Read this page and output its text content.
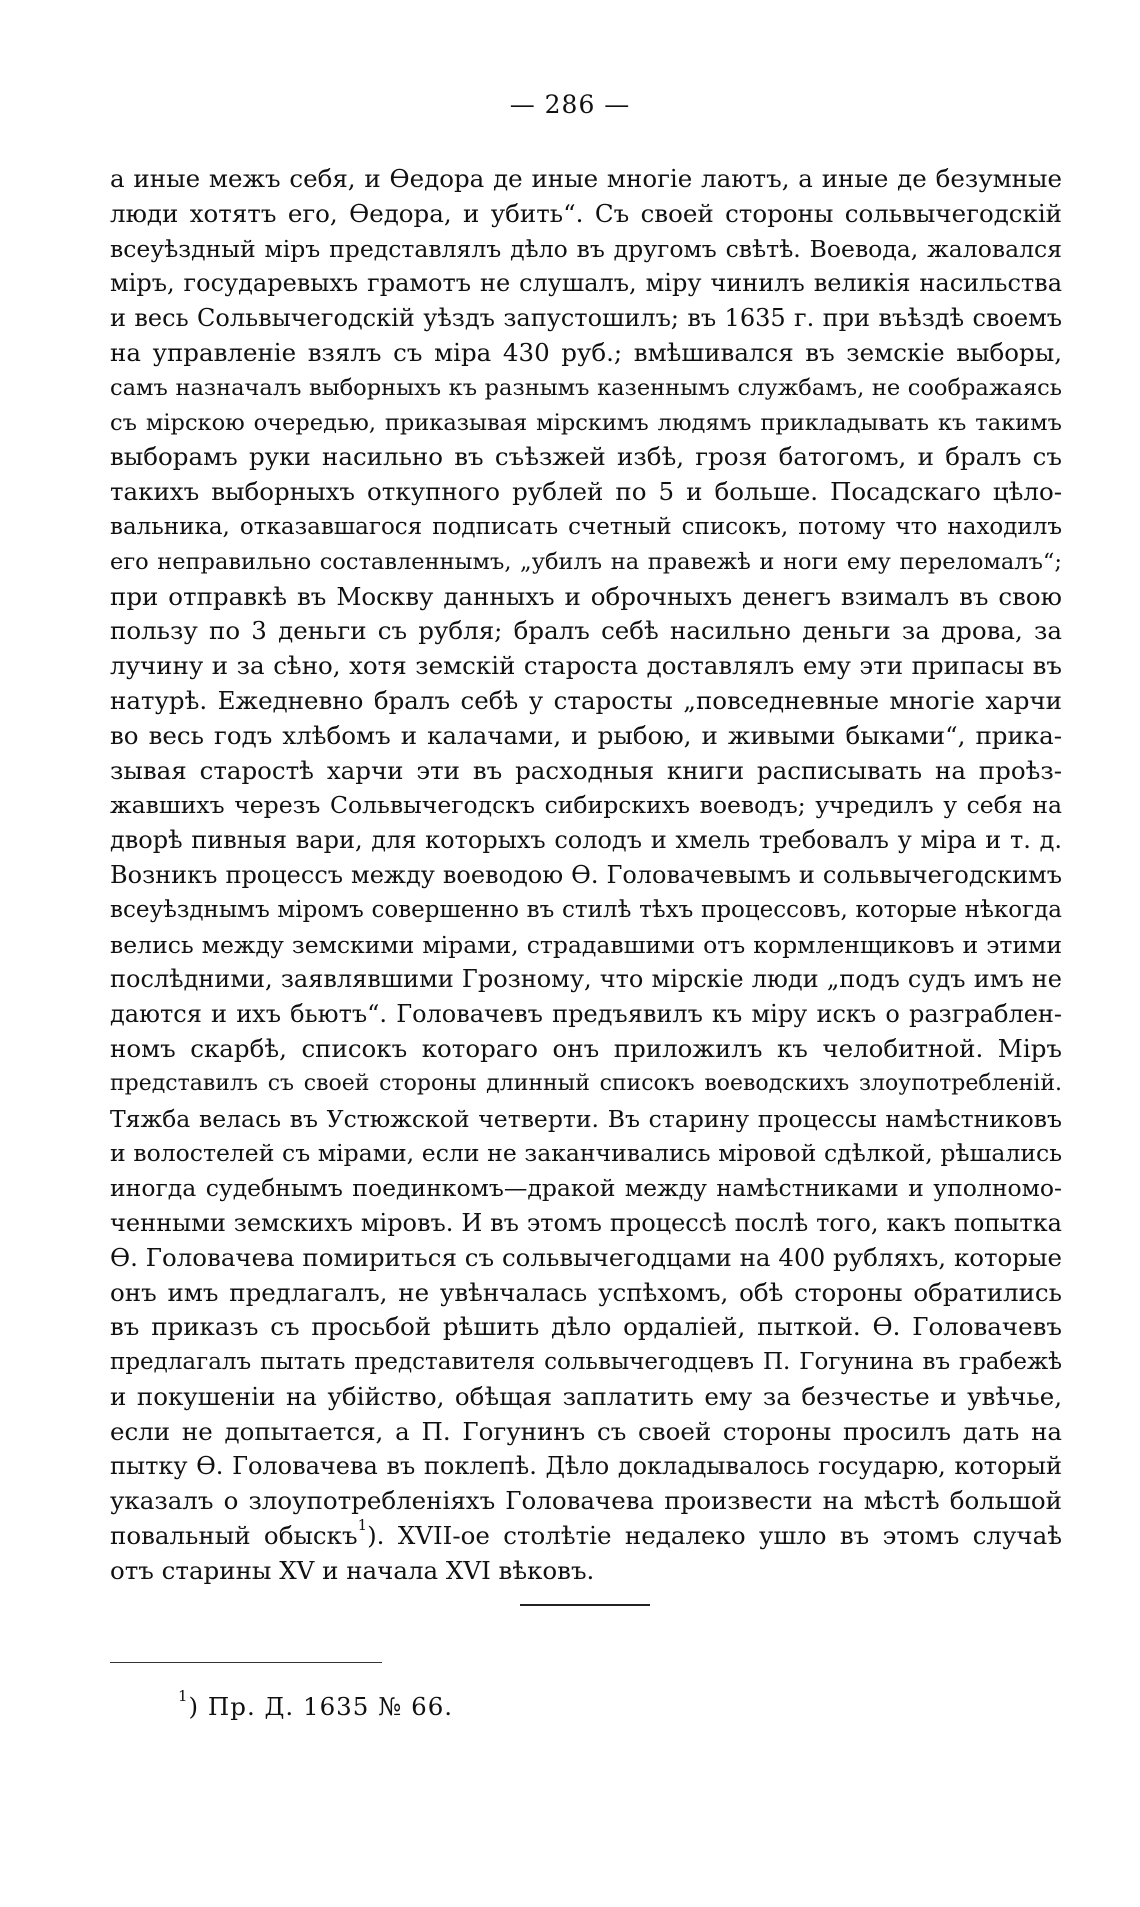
— 286 —
а иные межъ себя, и Ѳедора де иные многіе лаютъ, а иные де безумные
люди хотятъ его, Ѳедора, и убить“. Съ своей стороны сольвычегодскій
всеуѣздный міръ представлялъ дѣло въ другомъ свѣтѣ. Воевода, жаловался
міръ, государевыхъ грамотъ не слушалъ, міру чинилъ великія насильства
и весь Сольвычегодскій уѣздъ запустошилъ; въ 1635 г. при въѣздѣ своемъ
на управленіе взялъ съ міра 430 руб.; вмѣшивался въ земскіе выборы,
самъ назначалъ выборныхъ къ разнымъ казеннымъ службамъ, не соображаясь
съ мірскою очередью, приказывая мірскимъ людямъ прикладывать къ такимъ
выборамъ руки насильно въ съѣзжей избѣ, грозя батогомъ, и бралъ съ
такихъ выборныхъ откупного рублей по 5 и больше. Посадскаго цѣло-
вальника, отказавшагося подписать счетный списокъ, потому что находилъ
его неправильно составленнымъ, „убилъ на правежѣ и ноги ему переломалъ“;
при отправкѣ въ Москву данныхъ и оброчныхъ денегъ взималъ въ свою
пользу по 3 деньги съ рубля; бралъ себѣ насильно деньги за дрова, за
лучину и за сѣно, хотя земскій староста доставлялъ ему эти припасы въ
натурѣ. Ежедневно бралъ себѣ у старосты „повседневные многіе харчи
во весь годъ хлѣбомъ и калачами, и рыбою, и живыми быками“, прика-
зывая старостѣ харчи эти въ расходныя книги расписывать на проѣз-
жавшихъ черезъ Сольвычегодскъ сибирскихъ воеводъ; учредилъ у себя на
дворѣ пивныя вари, для которыхъ солодъ и хмель требовалъ у міра и т. д.
Возникъ процессъ между воеводою Ѳ. Головачевымъ и сольвычегодскимъ
всеуѣзднымъ міромъ совершенно въ стилѣ тѣхъ процессовъ, которые нѣкогда
велись между земскими мірами, страдавшими отъ кормленщиковъ и этими
послѣдними, заявлявшими Грозному, что мірскіе люди „подъ судъ имъ не
даются и ихъ бьютъ“. Головачевъ предъявилъ къ міру искъ о разграблен-
номъ скарбѣ, списокъ котораго онъ приложилъ къ челобитной. Міръ
представилъ съ своей стороны длинный списокъ воеводскихъ злоупотребленій.
Тяжба велась въ Устюжской четверти. Въ старину процессы намѣстниковъ
и волостелей съ мірами, если не заканчивались міровой сдѣлкой, рѣшались
иногда судебнымъ поединкомъ—дракой между намѣстниками и уполномо-
ченными земскихъ міровъ. И въ этомъ процессѣ послѣ того, какъ попытка
Ѳ. Головачева помириться съ сольвычегодцами на 400 рубляхъ, которые
онъ имъ предлагалъ, не увѣнчалась успѣхомъ, обѣ стороны обратились
въ приказъ съ просьбой рѣшить дѣло ордаліей, пыткой. Ѳ. Головачевъ
предлагалъ пытать представителя сольвычегодцевъ П. Гогунина въ грабежѣ
и покушеніи на убійство, обѣщая заплатить ему за безчестье и увѣчье,
если не допытается, а П. Гогунинъ съ своей стороны просилъ дать на
пытку Ѳ. Головачева въ поклепѣ. Дѣло докладывалось государю, который
указалъ о злоупотребленіяхъ Головачева произвести на мѣстѣ большой
повальный обыскъ$^1$). XVII-ое столѣтіе недалеко ушло въ этомъ случаѣ
отъ старины XV и начала XVI вѣковъ.
$^1$) Пр. Д. 1635 № 66.
